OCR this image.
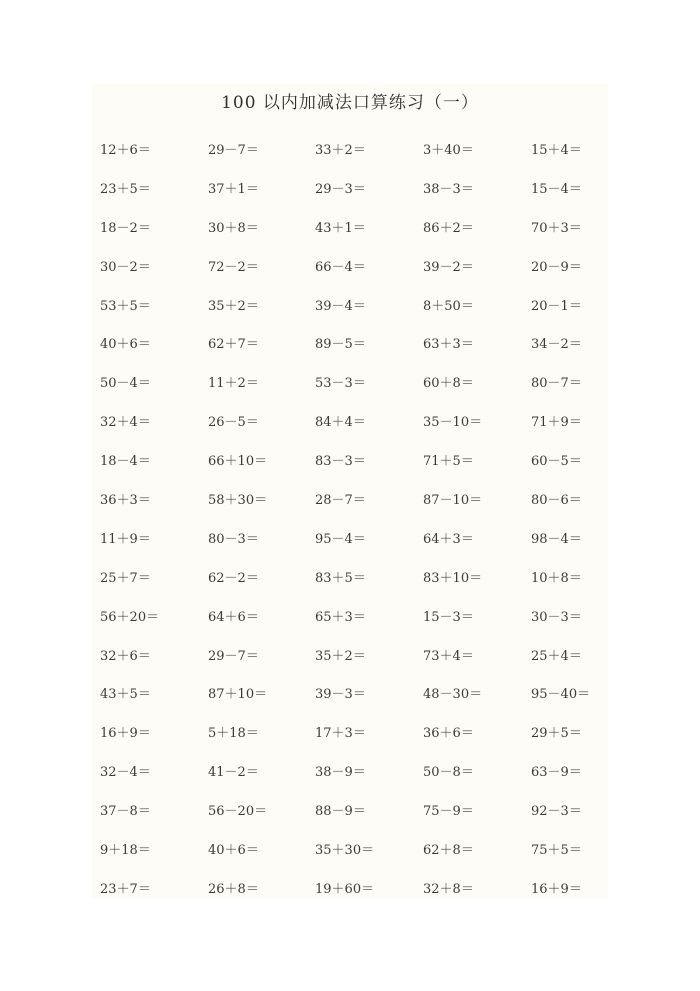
100 以内加减法口算练习（一）
12＋6＝	29－7＝	33＋2＝	3＋40＝	15＋4＝
23＋5＝	37＋1＝	29－3＝	38－3＝	15－4＝
18－2＝	30＋8＝	43＋1＝	86＋2＝	70＋3＝
30－2＝	72－2＝	66－4＝	39－2＝	20－9＝
53＋5＝	35＋2＝	39－4＝	8＋50＝	20－1＝
40＋6＝	62＋7＝	89－5＝	63＋3＝	34－2＝
50－4＝	11＋2＝	53－3＝	60＋8＝	80－7＝
32＋4＝	26－5＝	84＋4＝	35－10＝	71＋9＝
18－4＝	66＋10＝	83－3＝	71＋5＝	60－5＝
36＋3＝	58＋30＝	28－7＝	87－10＝	80－6＝
11＋9＝	80－3＝	95－4＝	64＋3＝	98－4＝
25＋7＝	62－2＝	83＋5＝	83＋10＝	10＋8＝
56＋20＝	64＋6＝	65＋3＝	15－3＝	30－3＝
32＋6＝	29－7＝	35＋2＝	73＋4＝	25＋4＝
43＋5＝	87＋10＝	39－3＝	48－30＝	95－40＝
16＋9＝	5＋18＝	17＋3＝	36＋6＝	29＋5＝
32－4＝	41－2＝	38－9＝	50－8＝	63－9＝
37－8＝	56－20＝	88－9＝	75－9＝	92－3＝
9＋18＝	40＋6＝	35＋30＝	62＋8＝	75＋5＝
23＋7＝	26＋8＝	19＋60＝	32＋8＝	16＋9＝
